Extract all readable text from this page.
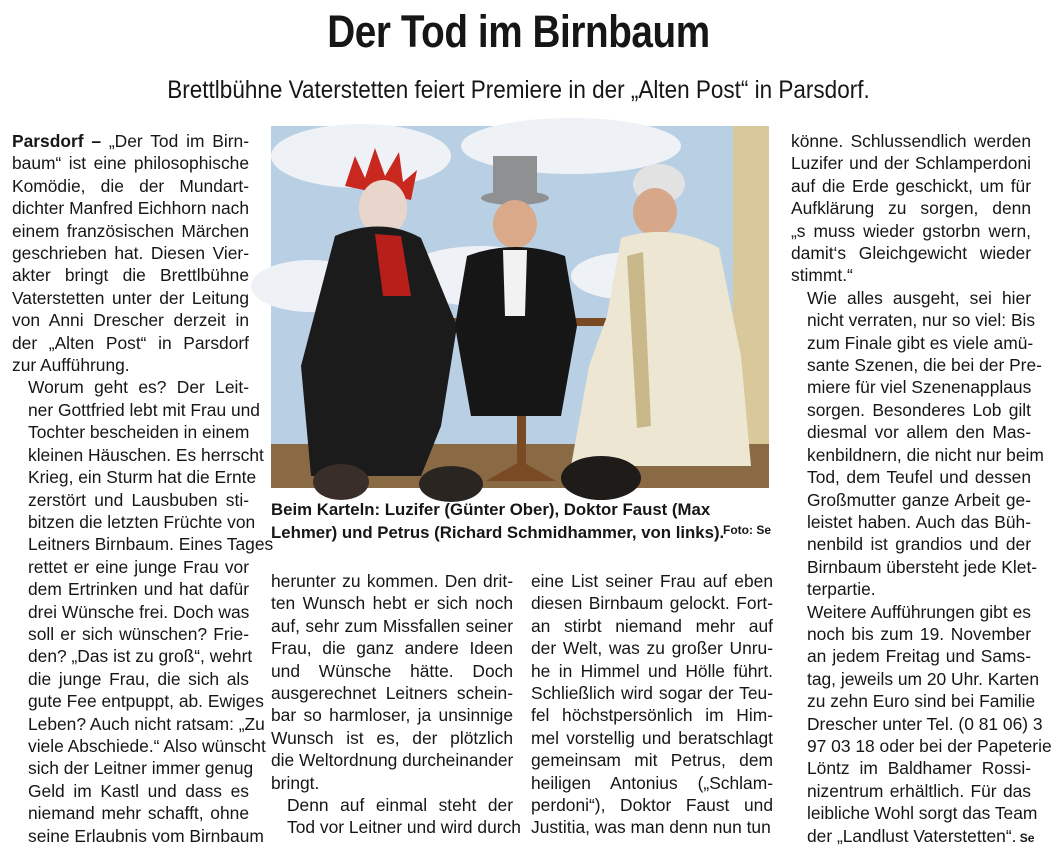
Der Tod im Birnbaum
Brettlbühne Vaterstetten feiert Premiere in der „Alten Post“ in Parsdorf.

Parsdorf – „Der Tod im Birn-
baum“ ist eine philosophische
Komödie, die der Mundart-
dichter Manfred Eichhorn nach
einem französischen Märchen
geschrieben hat. Diesen Vier-
akter bringt die Brettlbühne
Vaterstetten unter der Leitung
von Anni Drescher derzeit in
der „Alten Post“ in Parsdorf
zur Aufführung.

Worum geht es? Der Leit-
ner Gottfried lebt mit Frau und
Tochter bescheiden in einem
kleinen Häuschen. Es herrscht
Krieg, ein Sturm hat die Ernte
zerstört und Lausbuben sti-
bitzen die letzten Früchte von
Leitners Birnbaum. Eines Tages
rettet er eine junge Frau vor
dem Ertrinken und hat dafür
drei Wünsche frei. Doch was
soll er sich wünschen? Frie-
den? „Das ist zu groß“, wehrt
die junge Frau, die sich als
gute Fee entpuppt, ab. Ewiges
Leben? Auch nicht ratsam: „Zu
viele Abschiede.“ Also wünscht
sich der Leitner immer genug
Geld im Kastl und dass es
niemand mehr schafft, ohne
seine Erlaubnis vom Birnbaum

Beim Karteln: Luzifer (Günter Ober), Doktor Faust (Max Lehmer) und Petrus (Richard Schmidhammer, von links).
Foto: Se

herunter zu kommen. Den drit-
ten Wunsch hebt er sich noch
auf, sehr zum Missfallen seiner
Frau, die ganz andere Ideen
und Wünsche hätte. Doch
ausgerechnet Leitners schein-
bar so harmloser, ja unsinnige
Wunsch ist es, der plötzlich
die Weltordnung durcheinander
bringt.

Denn auf einmal steht der
Tod vor Leitner und wird durch

eine List seiner Frau auf eben
diesen Birnbaum gelockt. Fort-
an stirbt niemand mehr auf
der Welt, was zu großer Unru-
he in Himmel und Hölle führt.
Schließlich wird sogar der Teu-
fel höchstpersönlich im Him-
mel vorstellig und beratschlagt
gemeinsam mit Petrus, dem
heiligen Antonius („Schlam-
perdoni“), Doktor Faust und
Justitia, was man denn nun tun

könne. Schlussendlich werden
Luzifer und der Schlamperdoni
auf die Erde geschickt, um für
Aufklärung zu sorgen, denn
„s muss wieder gstorbn wern,
damit‘s Gleichgewicht wieder
stimmt.“

Wie alles ausgeht, sei hier
nicht verraten, nur so viel: Bis
zum Finale gibt es viele amü-
sante Szenen, die bei der Pre-
miere für viel Szenenapplaus
sorgen. Besonderes Lob gilt
diesmal vor allem den Mas-
kenbildnern, die nicht nur beim
Tod, dem Teufel und dessen
Großmutter ganze Arbeit ge-
leistet haben. Auch das Büh-
nenbild ist grandios und der
Birnbaum übersteht jede Klet-
terpartie.

Weitere Aufführungen gibt es
noch bis zum 19. November
an jedem Freitag und Sams-
tag, jeweils um 20 Uhr. Karten
zu zehn Euro sind bei Familie
Drescher unter Tel. (0 81 06) 3
97 03 18 oder bei der Papeterie
Löntz im Baldhamer Rossi-
nizentrum erhältlich. Für das
leibliche Wohl sorgt das Team
der „Landlust Vaterstetten“. Se
